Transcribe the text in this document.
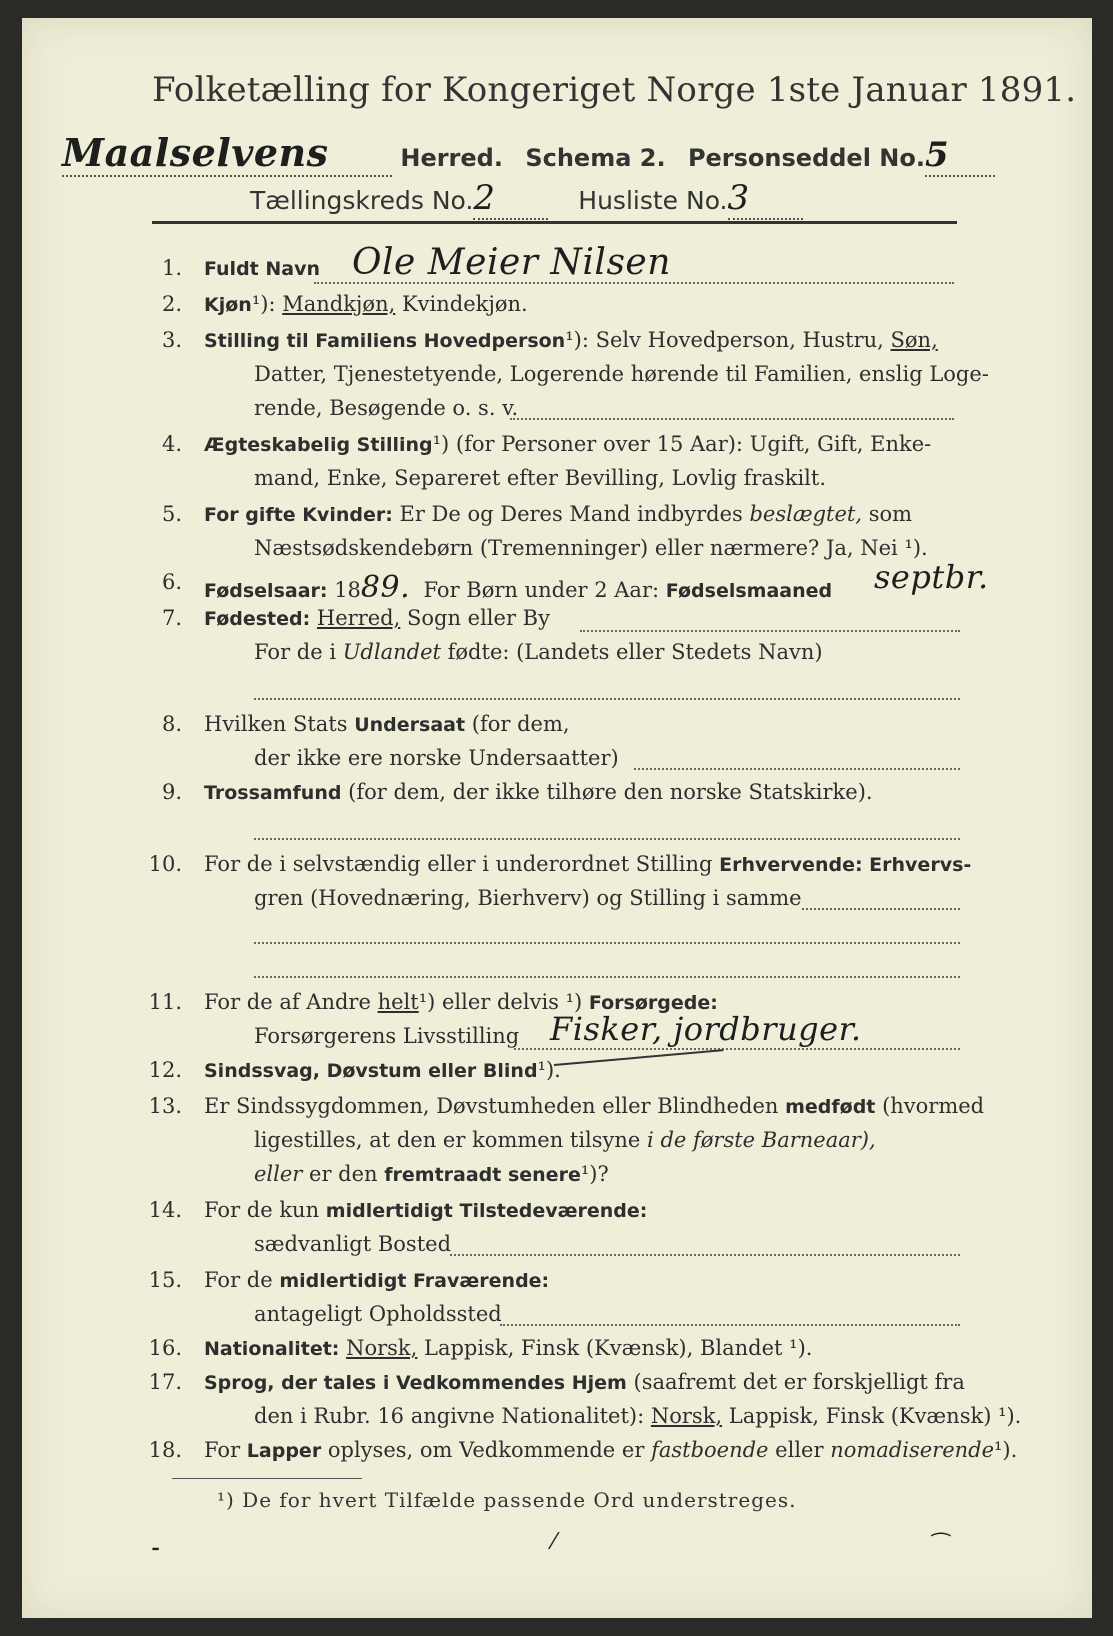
Folketælling for Kongeriget Norge 1ste Januar 1891.
Maalselvens	Herred. Schema 2. Personseddel No.5
Tællingskreds No.2	Husliste No.3
1. Fuldt Navn Ole Meier Nilsen
2. Kjøn¹): Mandkjøn, Kvindekjøn.
3. Stilling til Familiens Hovedperson¹): Selv Hovedperson, Hustru, Søn,
Datter, Tjenestetyende, Logerende hørende til Familien, enslig Loge-
rende, Besøgende o. s. v.
4. Ægteskabelig Stilling¹) (for Personer over 15 Aar): Ugift, Gift, Enke-
mand, Enke, Separeret efter Bevilling, Lovlig fraskilt.
5. For gifte Kvinder: Er De og Deres Mand indbyrdes beslægtet, som
Næstsødskendebørn (Tremenninger) eller nærmere? Ja, Nei ¹).
6. Fødselsaar: 1889. For Børn under 2 Aar: Fødselsmaaned septbr.
7. Fødested: Herred, Sogn eller By
For de i Udlandet fødte: (Landets eller Stedets Navn)
8. Hvilken Stats Undersaat (for dem,
der ikke ere norske Undersaatter)
9. Trossamfund (for dem, der ikke tilhøre den norske Statskirke).
10. For de i selvstændig eller i underordnet Stilling Erhvervende: Erhvervs-
gren (Hovednæring, Bierhverv) og Stilling i samme
11. For de af Andre helt¹) eller delvis ¹) Forsørgede:
Forsørgerens Livsstilling Fisker, jordbruger.
12. Sindssvag, Døvstum eller Blind¹).
13. Er Sindssygdommen, Døvstumheden eller Blindheden medfødt (hvormed
ligestilles, at den er kommen tilsyne i de første Barneaar),
eller er den fremtraadt senere¹)?
14. For de kun midlertidigt Tilstedeværende:
sædvanligt Bosted
15. For de midlertidigt Fraværende:
antageligt Opholdssted
16. Nationalitet: Norsk, Lappisk, Finsk (Kvænsk), Blandet ¹).
17. Sprog, der tales i Vedkommendes Hjem (saafremt det er forskjelligt fra
den i Rubr. 16 angivne Nationalitet): Norsk, Lappisk, Finsk (Kvænsk) ¹).
18. For Lapper oplyses, om Vedkommende er fastboende eller nomadiserende¹).
¹) De for hvert Tilfælde passende Ord understreges.
⁃	⁄	⁀
